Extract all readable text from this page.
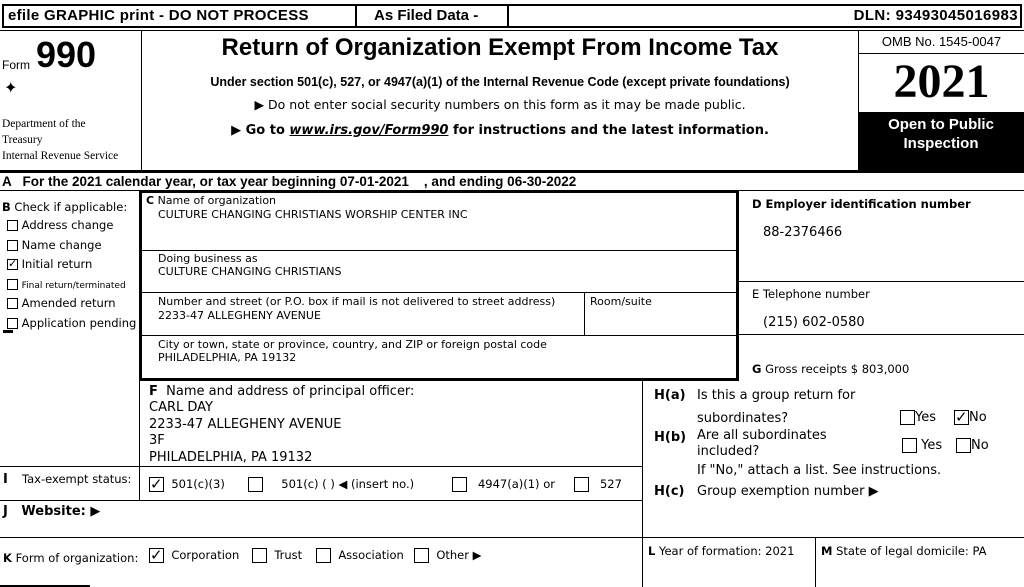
efile GRAPHIC print - DO NOT PROCESS	As Filed Data -	DLN: 93493045016983
Form 990
✦
Department of the
Treasury
Internal Revenue Service
Return of Organization Exempt From Income Tax
Under section 501(c), 527, or 4947(a)(1) of the Internal Revenue Code (except private foundations)
▶ Do not enter social security numbers on this form as it may be made public.
▶ Go to www.irs.gov/Form990 for instructions and the latest information.
OMB No. 1545-0047
2021
Open to Public
Inspection
A   For the 2021 calendar year, or tax year beginning 07-01-2021    , and ending 06-30-2022
B Check if applicable:
Address change
Name change
✓ Initial return
Final return/terminated
Amended return
Application pending
C Name of organization
CULTURE CHANGING CHRISTIANS WORSHIP CENTER INC
Doing business as
CULTURE CHANGING CHRISTIANS
Number and street (or P.O. box if mail is not delivered to street address)
2233-47 ALLEGHENY AVENUE
Room/suite
City or town, state or province, country, and ZIP or foreign postal code
PHILADELPHIA, PA 19132
D Employer identification number
88-2376466
E Telephone number
(215) 602-0580
G Gross receipts $ 803,000
F Name and address of principal officer:
CARL DAY
2233-47 ALLEGHENY AVENUE
3F
PHILADELPHIA, PA 19132
H(a) Is this a group return for
subordinates?	Yes ✓	No
H(b) Are all subordinates
included?	Yes	No
If "No," attach a list. See instructions.
H(c) Group exemption number ▶
I Tax-exempt status: ✓	501(c)(3)	501(c) ( ) ◀ (insert no.)	4947(a)(1) or	527
J   Website: ▶
K Form of organization: ✓	Corporation	Trust	Association	Other ▶	L Year of formation: 2021 M State of legal domicile: PA
